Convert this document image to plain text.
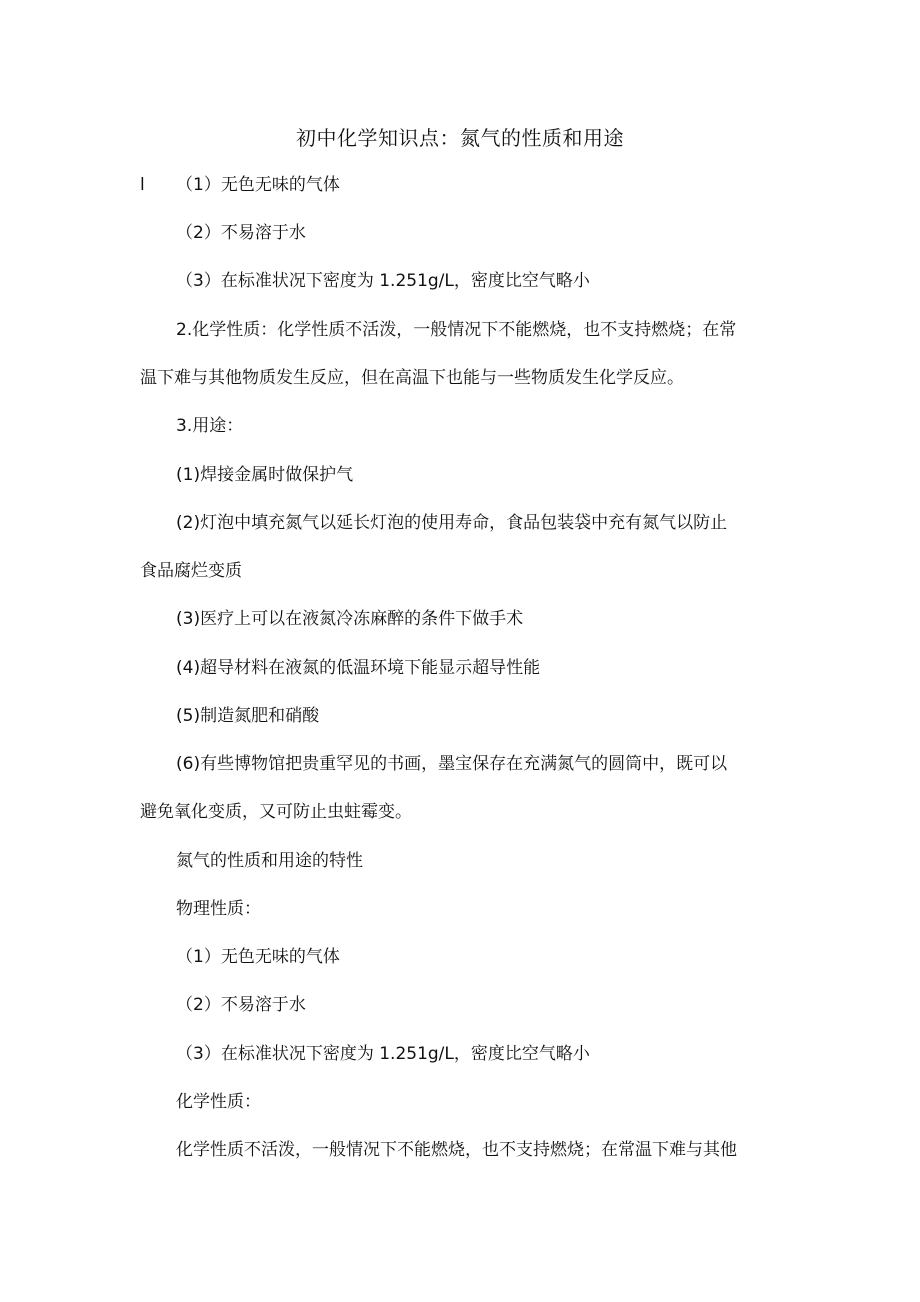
初中化学知识点：氮气的性质和用途
l （1）无色无味的气体
（2）不易溶于水
（3）在标准状况下密度为 1.251g/L，密度比空气略小
2.化学性质：化学性质不活泼，一般情况下不能燃烧，也不支持燃烧；在常
温下难与其他物质发生反应，但在高温下也能与一些物质发生化学反应。
3.用途：
(1)焊接金属时做保护气
(2)灯泡中填充氮气以延长灯泡的使用寿命，食品包装袋中充有氮气以防止
食品腐烂变质
(3)医疗上可以在液氮冷冻麻醉的条件下做手术
(4)超导材料在液氮的低温环境下能显示超导性能
(5)制造氮肥和硝酸
(6)有些博物馆把贵重罕见的书画，墨宝保存在充满氮气的圆筒中，既可以
避免氧化变质，又可防止虫蛀霉变。
氮气的性质和用途的特性
物理性质：
（1）无色无味的气体
（2）不易溶于水
（3）在标准状况下密度为 1.251g/L，密度比空气略小
化学性质：
化学性质不活泼，一般情况下不能燃烧，也不支持燃烧；在常温下难与其他
